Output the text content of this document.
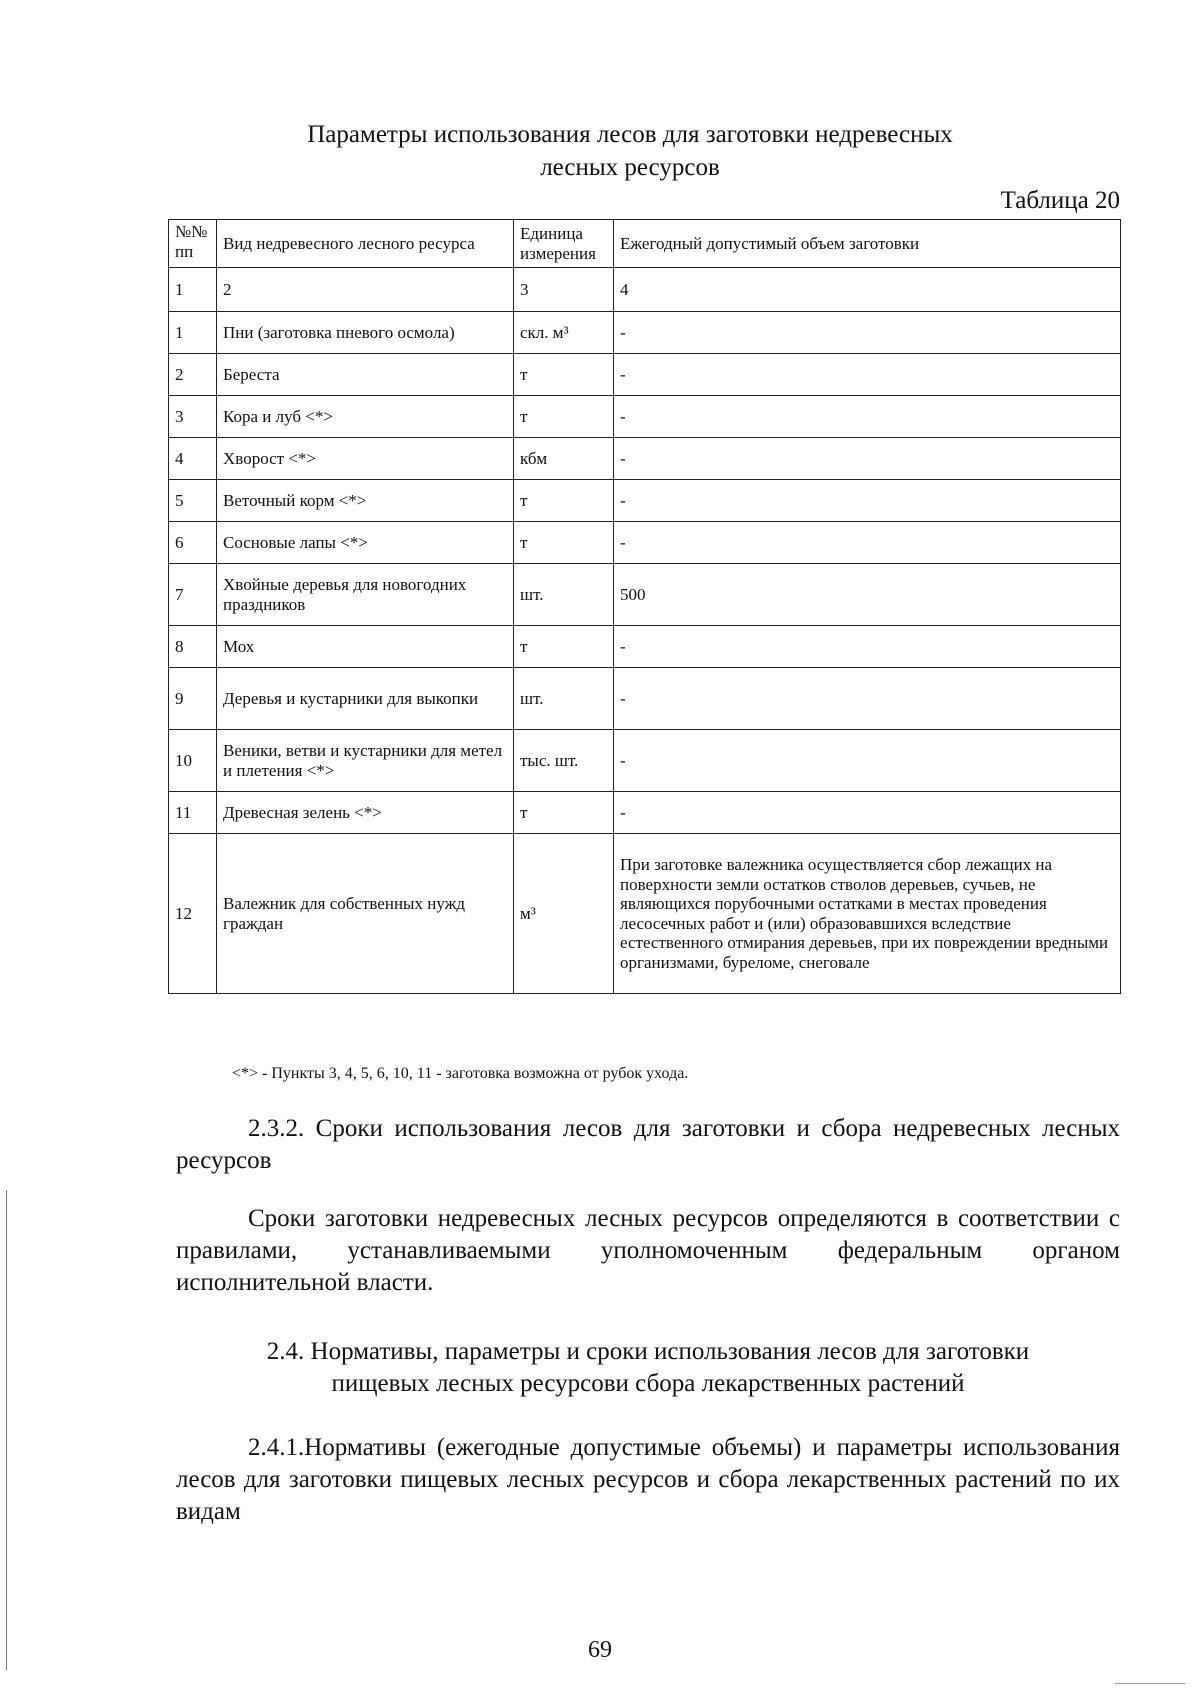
Параметры использования лесов для заготовки недревесных
лесных ресурсов
Таблица 20
№№ пп	Вид недревесного лесного ресурса	Единица измерения	Ежегодный допустимый объем заготовки
1	2	3	4
1	Пни (заготовка пневого осмола)	скл. м³	-
2	Береста	т	-
3	Кора и луб <*>	т	-
4	Хворост <*>	кбм	-
5	Веточный корм <*>	т	-
6	Сосновые лапы <*>	т	-
7	Хвойные деревья для новогодних праздников	шт.	500
8	Мох	т	-
9	Деревья и кустарники для выкопки	шт.	-
10	Веники, ветви и кустарники для метел и плетения <*>	тыс. шт.	-
11	Древесная зелень <*>	т	-
12	Валежник для собственных нужд граждан	м³	При заготовке валежника осуществляется сбор лежащих на поверхности земли остатков стволов деревьев, сучьев, не являющихся порубочными остатками в местах проведения лесосечных работ и (или) образовавшихся вследствие естественного отмирания деревьев, при их повреждении вредными организмами, буреломе, снеговале
<*> - Пункты 3, 4, 5, 6, 10, 11 - заготовка возможна от рубок ухода.
2.3.2. Сроки использования лесов для заготовки и сбора недревесных лесных ресурсов
Сроки заготовки недревесных лесных ресурсов определяются в соответствии с правилами, устанавливаемыми уполномоченным федеральным органом исполнительной власти.
2.4. Нормативы, параметры и сроки использования лесов для заготовки
пищевых лесных ресурсови сбора лекарственных растений
2.4.1.Нормативы (ежегодные допустимые объемы) и параметры использования лесов для заготовки пищевых лесных ресурсов и сбора лекарственных растений по их видам
69
